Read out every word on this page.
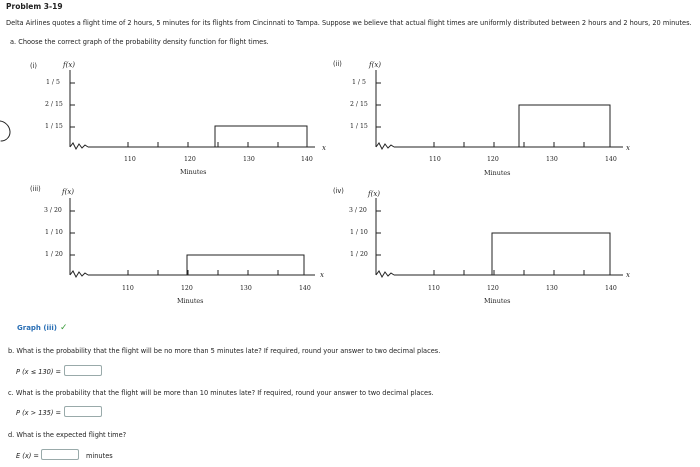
Problem 3-19
Delta Airlines quotes a flight time of 2 hours, 5 minutes for its flights from Cincinnati to Tampa. Suppose we believe that actual flight times are uniformly distributed between 2 hours and 2 hours, 20 minutes.
a. Choose the correct graph of the probability density function for flight times.
(i)	f(x)
1 / 5
2 / 15
1 / 15
x
110	120	130	140
Minutes
(ii)	f(x)
1 / 5
2 / 15
1 / 15
x
110	120	130	140
Minutes
(iii)	f(x)
3 / 20
1 / 10
1 / 20
x
110	120	130	140
Minutes
(iv)	f(x)
3 / 20
1 / 10
1 / 20
x
110	120	130	140
Minutes
Graph (iii) ✓
b. What is the probability that the flight will be no more than 5 minutes late? If required, round your answer to two decimal places.
P (x ≤ 130) =
c. What is the probability that the flight will be more than 10 minutes late? If required, round your answer to two decimal places.
P (x > 135) =
d. What is the expected flight time?
E (x) =	minutes
